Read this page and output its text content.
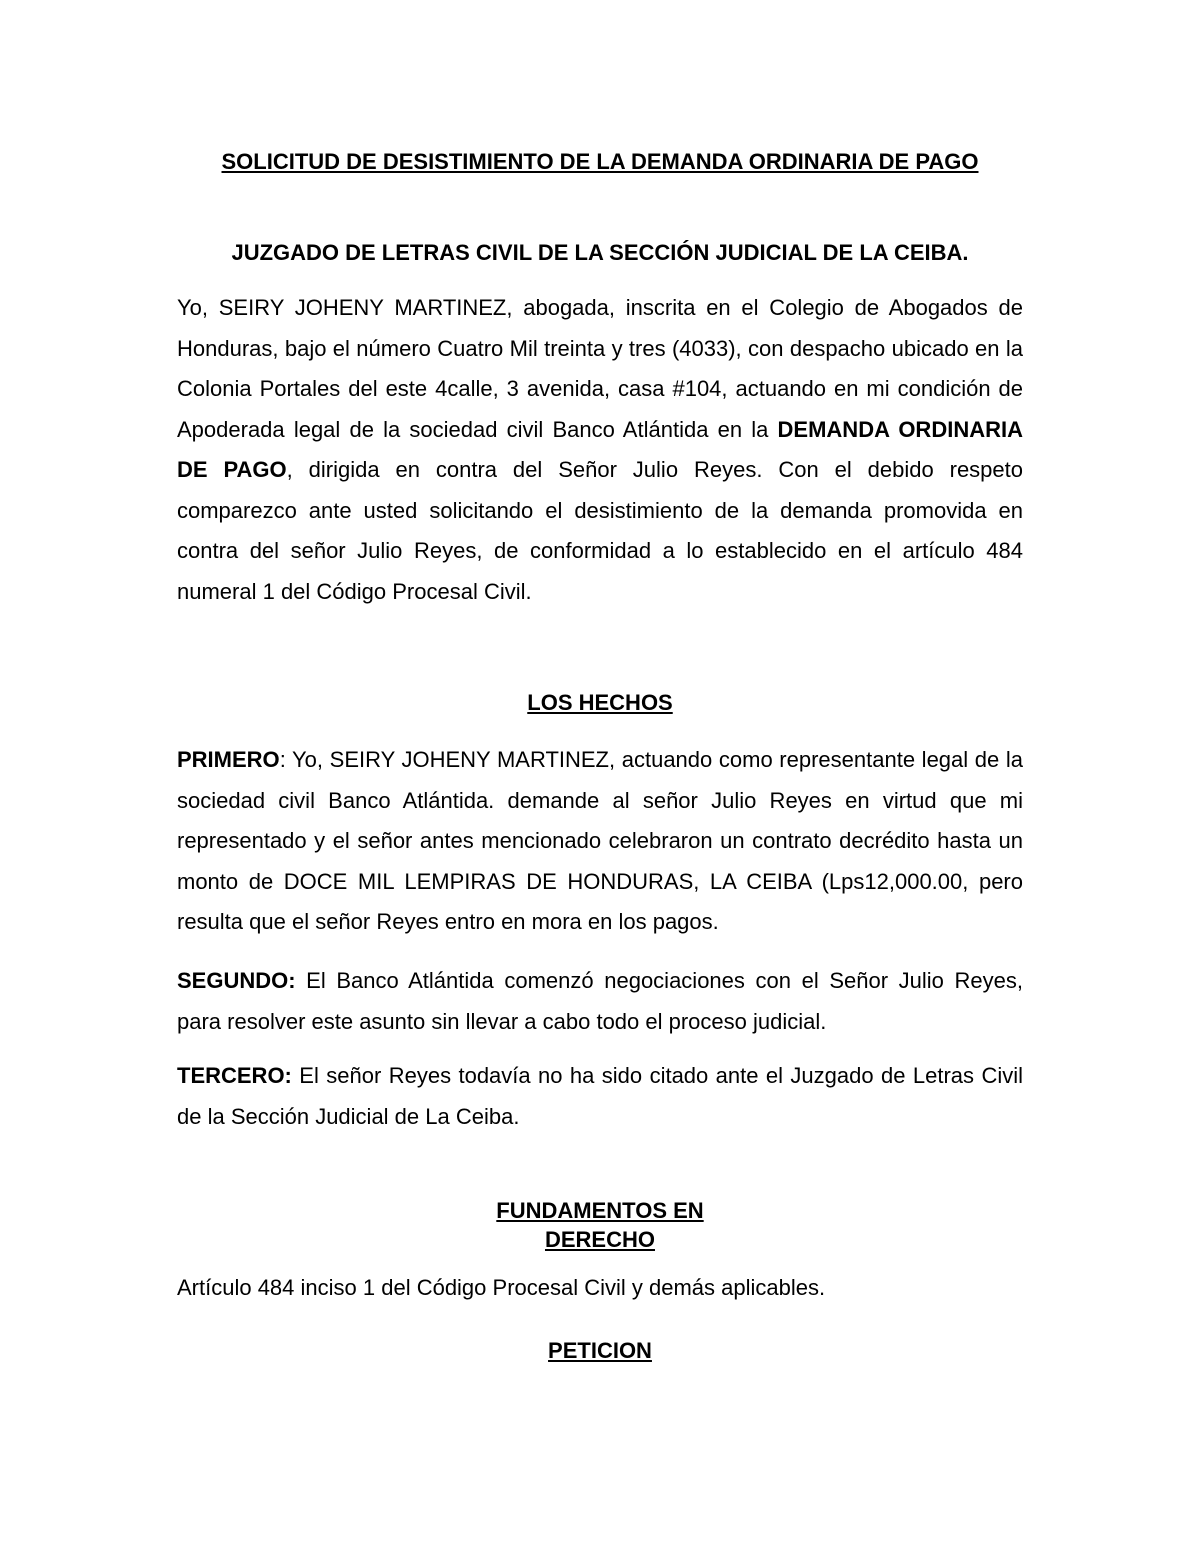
SOLICITUD DE DESISTIMIENTO DE LA DEMANDA ORDINARIA DE PAGO
JUZGADO DE LETRAS CIVIL DE LA SECCIÓN JUDICIAL DE LA CEIBA.

Yo, SEIRY JOHENY MARTINEZ, abogada, inscrita en el Colegio de Abogados de Honduras, bajo el número Cuatro Mil treinta y tres (4033), con despacho ubicado en la Colonia Portales del este 4calle, 3 avenida, casa #104, actuando en mi condición de Apoderada legal de la sociedad civil Banco Atlántida en la DEMANDA ORDINARIA DE PAGO, dirigida en contra del Señor Julio Reyes. Con el debido respeto comparezco ante usted solicitando el desistimiento de la demanda promovida en contra del señor Julio Reyes, de conformidad a lo establecido en el artículo 484 numeral 1 del Código Procesal Civil.

LOS HECHOS

PRIMERO: Yo, SEIRY JOHENY MARTINEZ, actuando como representante legal de la sociedad civil Banco Atlántida. demande al señor Julio Reyes en virtud que mi representado y el señor antes mencionado celebraron un contrato decrédito hasta un monto de DOCE MIL LEMPIRAS DE HONDURAS, LA CEIBA (Lps12,000.00, pero resulta que el señor Reyes entro en mora en los pagos.

SEGUNDO: El Banco Atlántida comenzó negociaciones con el Señor Julio Reyes, para resolver este asunto sin llevar a cabo todo el proceso judicial.

TERCERO: El señor Reyes todavía no ha sido citado ante el Juzgado de Letras Civil de la Sección Judicial de La Ceiba.

FUNDAMENTOS EN
DERECHO

Artículo 484 inciso 1 del Código Procesal Civil y demás aplicables.

PETICION
